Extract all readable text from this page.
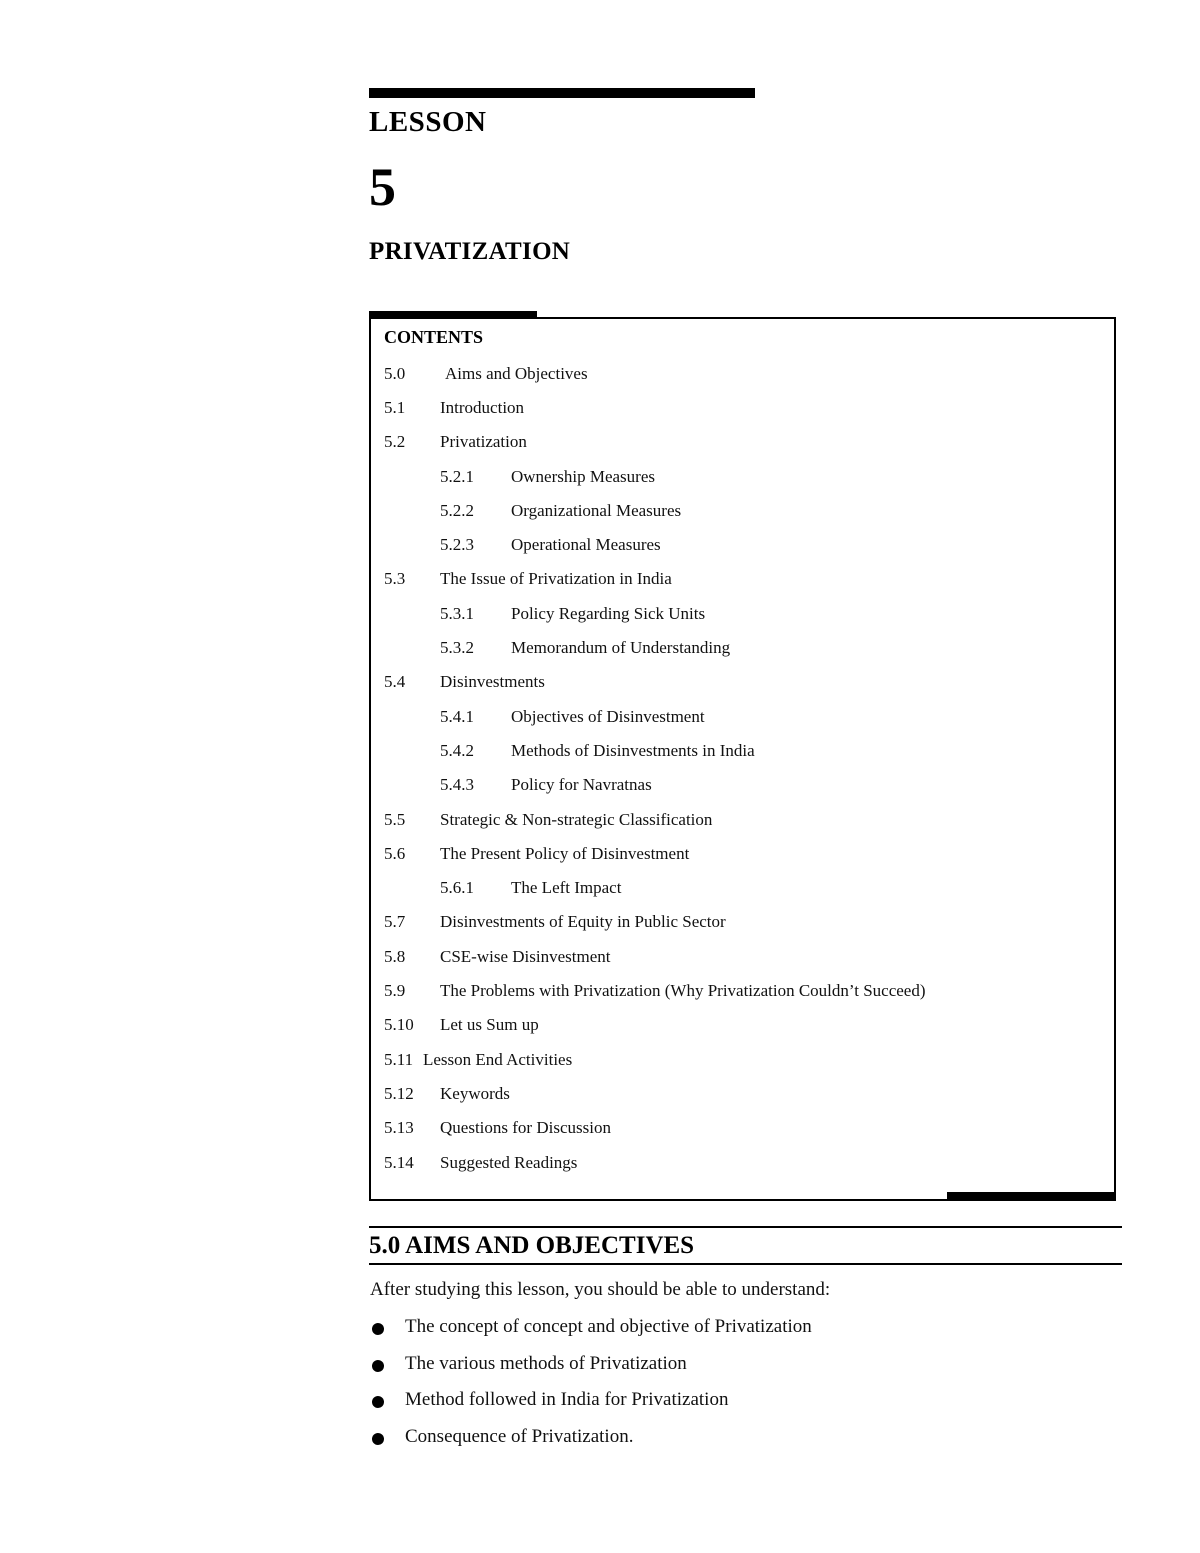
LESSON
5
PRIVATIZATION
CONTENTS
5.0 Aims and Objectives
5.1 Introduction
5.2 Privatization
5.2.1 Ownership Measures
5.2.2 Organizational Measures
5.2.3 Operational Measures
5.3 The Issue of Privatization in India
5.3.1 Policy Regarding Sick Units
5.3.2 Memorandum of Understanding
5.4 Disinvestments
5.4.1 Objectives of Disinvestment
5.4.2 Methods of Disinvestments in India
5.4.3 Policy for Navratnas
5.5 Strategic & Non-strategic Classification
5.6 The Present Policy of Disinvestment
5.6.1 The Left Impact
5.7 Disinvestments of Equity in Public Sector
5.8 CSE-wise Disinvestment
5.9 The Problems with Privatization (Why Privatization Couldn’t Succeed)
5.10 Let us Sum up
5.11 Lesson End Activities
5.12 Keywords
5.13 Questions for Discussion
5.14 Suggested Readings
5.0 AIMS AND OBJECTIVES
After studying this lesson, you should be able to understand:
The concept of concept and objective of Privatization
The various methods of Privatization
Method followed in India for Privatization
Consequence of Privatization.
